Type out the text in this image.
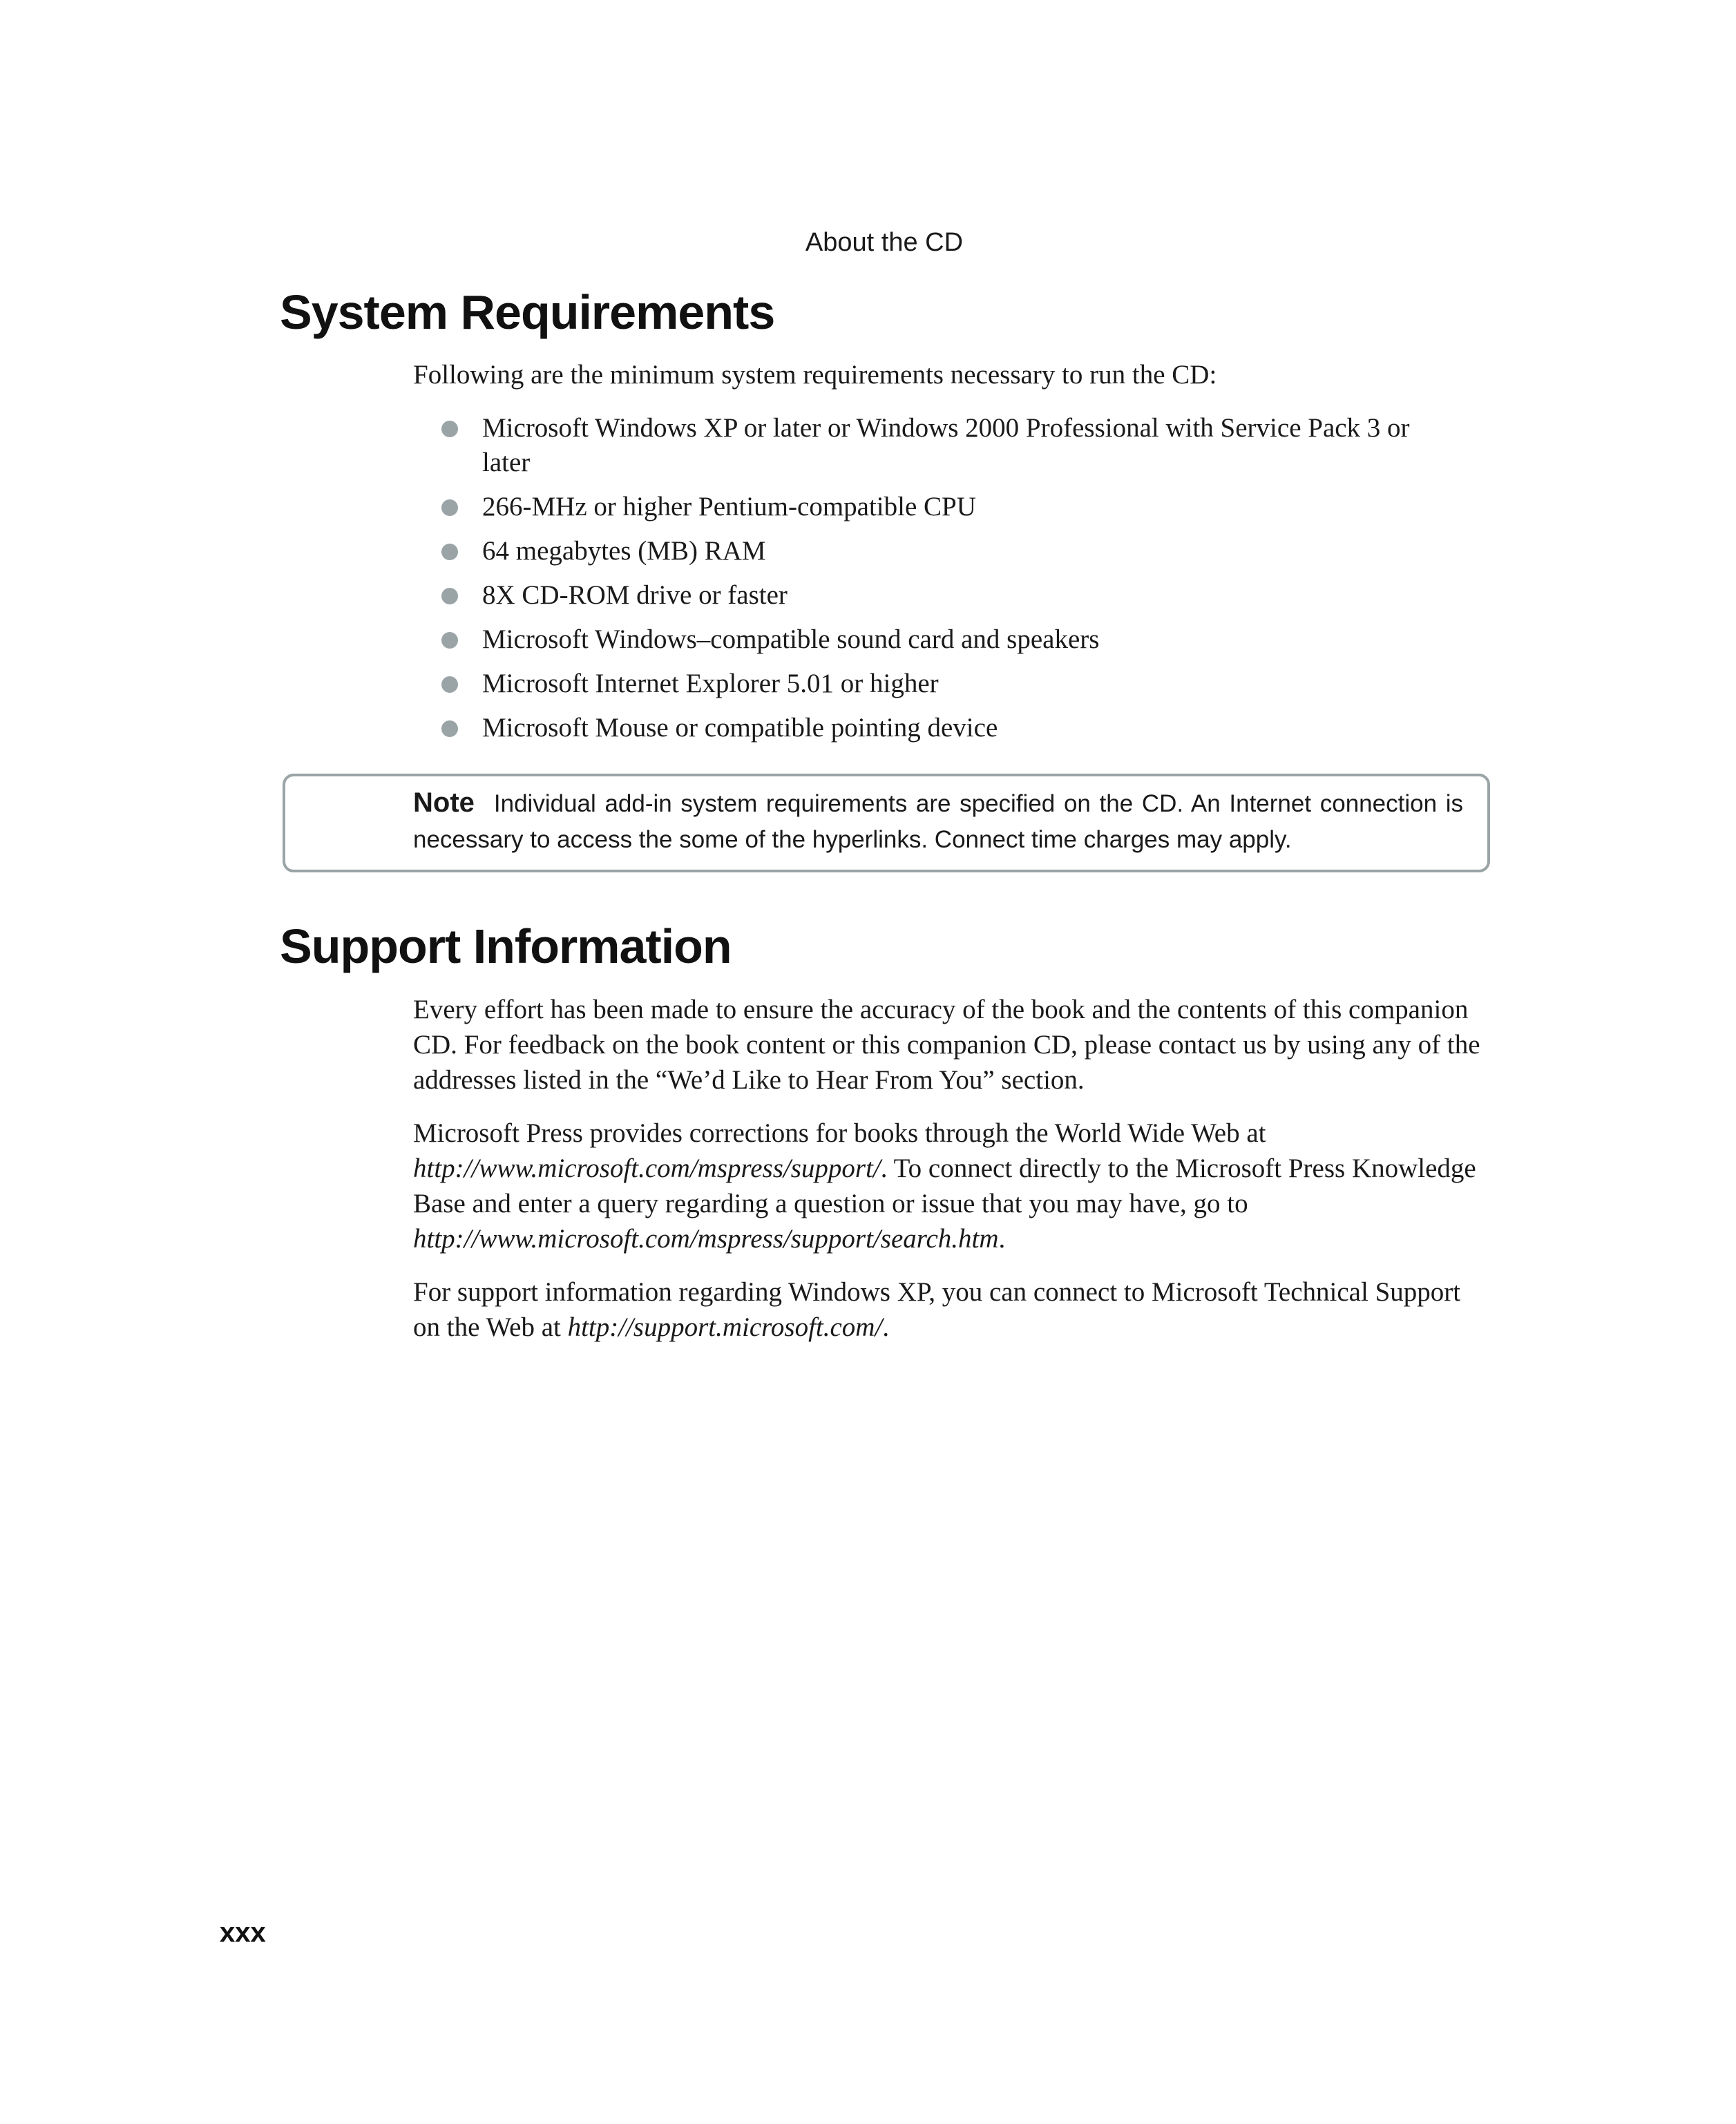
About the CD
System Requirements
Following are the minimum system requirements necessary to run the CD:
Microsoft Windows XP or later or Windows 2000 Professional with Service Pack 3 or later
266-MHz or higher Pentium-compatible CPU
64 megabytes (MB) RAM
8X CD-ROM drive or faster
Microsoft Windows–compatible sound card and speakers
Microsoft Internet Explorer 5.01 or higher
Microsoft Mouse or compatible pointing device
Note Individual add-in system requirements are specified on the CD. An Internet connection is necessary to access the some of the hyperlinks. Connect time charges may apply.
Support Information

Every effort has been made to ensure the accuracy of the book and the contents of this companion CD. For feedback on the book content or this companion CD, please contact us by using any of the addresses listed in the “We’d Like to Hear From You” section.

Microsoft Press provides corrections for books through the World Wide Web at http://www.microsoft.com/mspress/support/. To connect directly to the Microsoft Press Knowledge Base and enter a query regarding a question or issue that you may have, go to http://www.microsoft.com/mspress/support/search.htm.

For support information regarding Windows XP, you can connect to Microsoft Technical Support on the Web at http://support.microsoft.com/.

xxx
